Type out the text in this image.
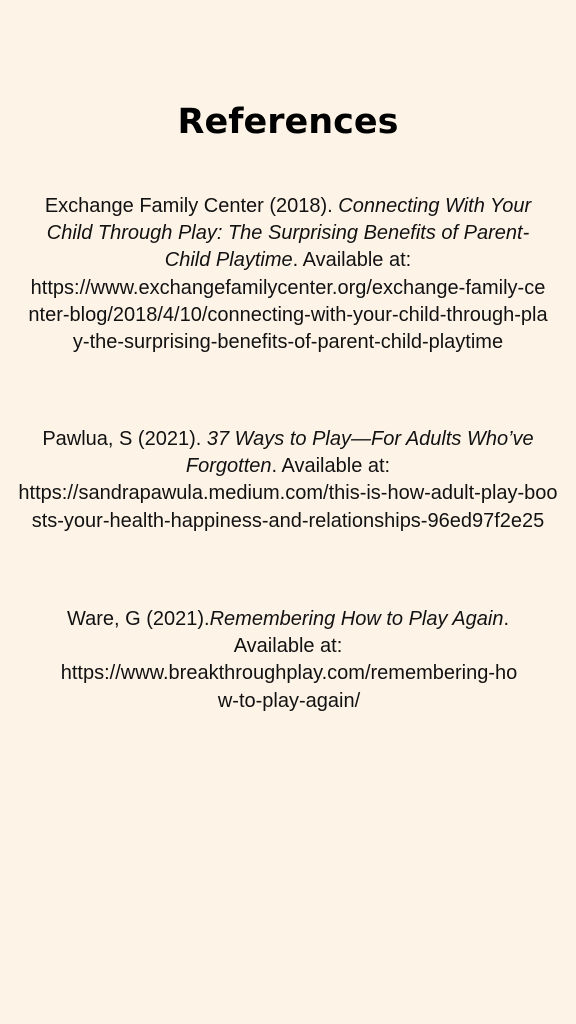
References
Exchange Family Center (2018). Connecting With Your Child Through Play: The Surprising Benefits of Parent-Child Playtime. Available at:
https://www.exchangefamilycenter.org/exchange-family-center-blog/2018/4/10/connecting-with-your-child-through-play-the-surprising-benefits-of-parent-child-playtime
Pawlua, S (2021). 37 Ways to Play—For Adults Who’ve Forgotten. Available at:
https://sandrapawula.medium.com/this-is-how-adult-play-boosts-your-health-happiness-and-relationships-96ed97f2e25
Ware, G (2021).Remembering How to Play Again. Available at:
https://www.breakthroughplay.com/remembering-how-to-play-again/
